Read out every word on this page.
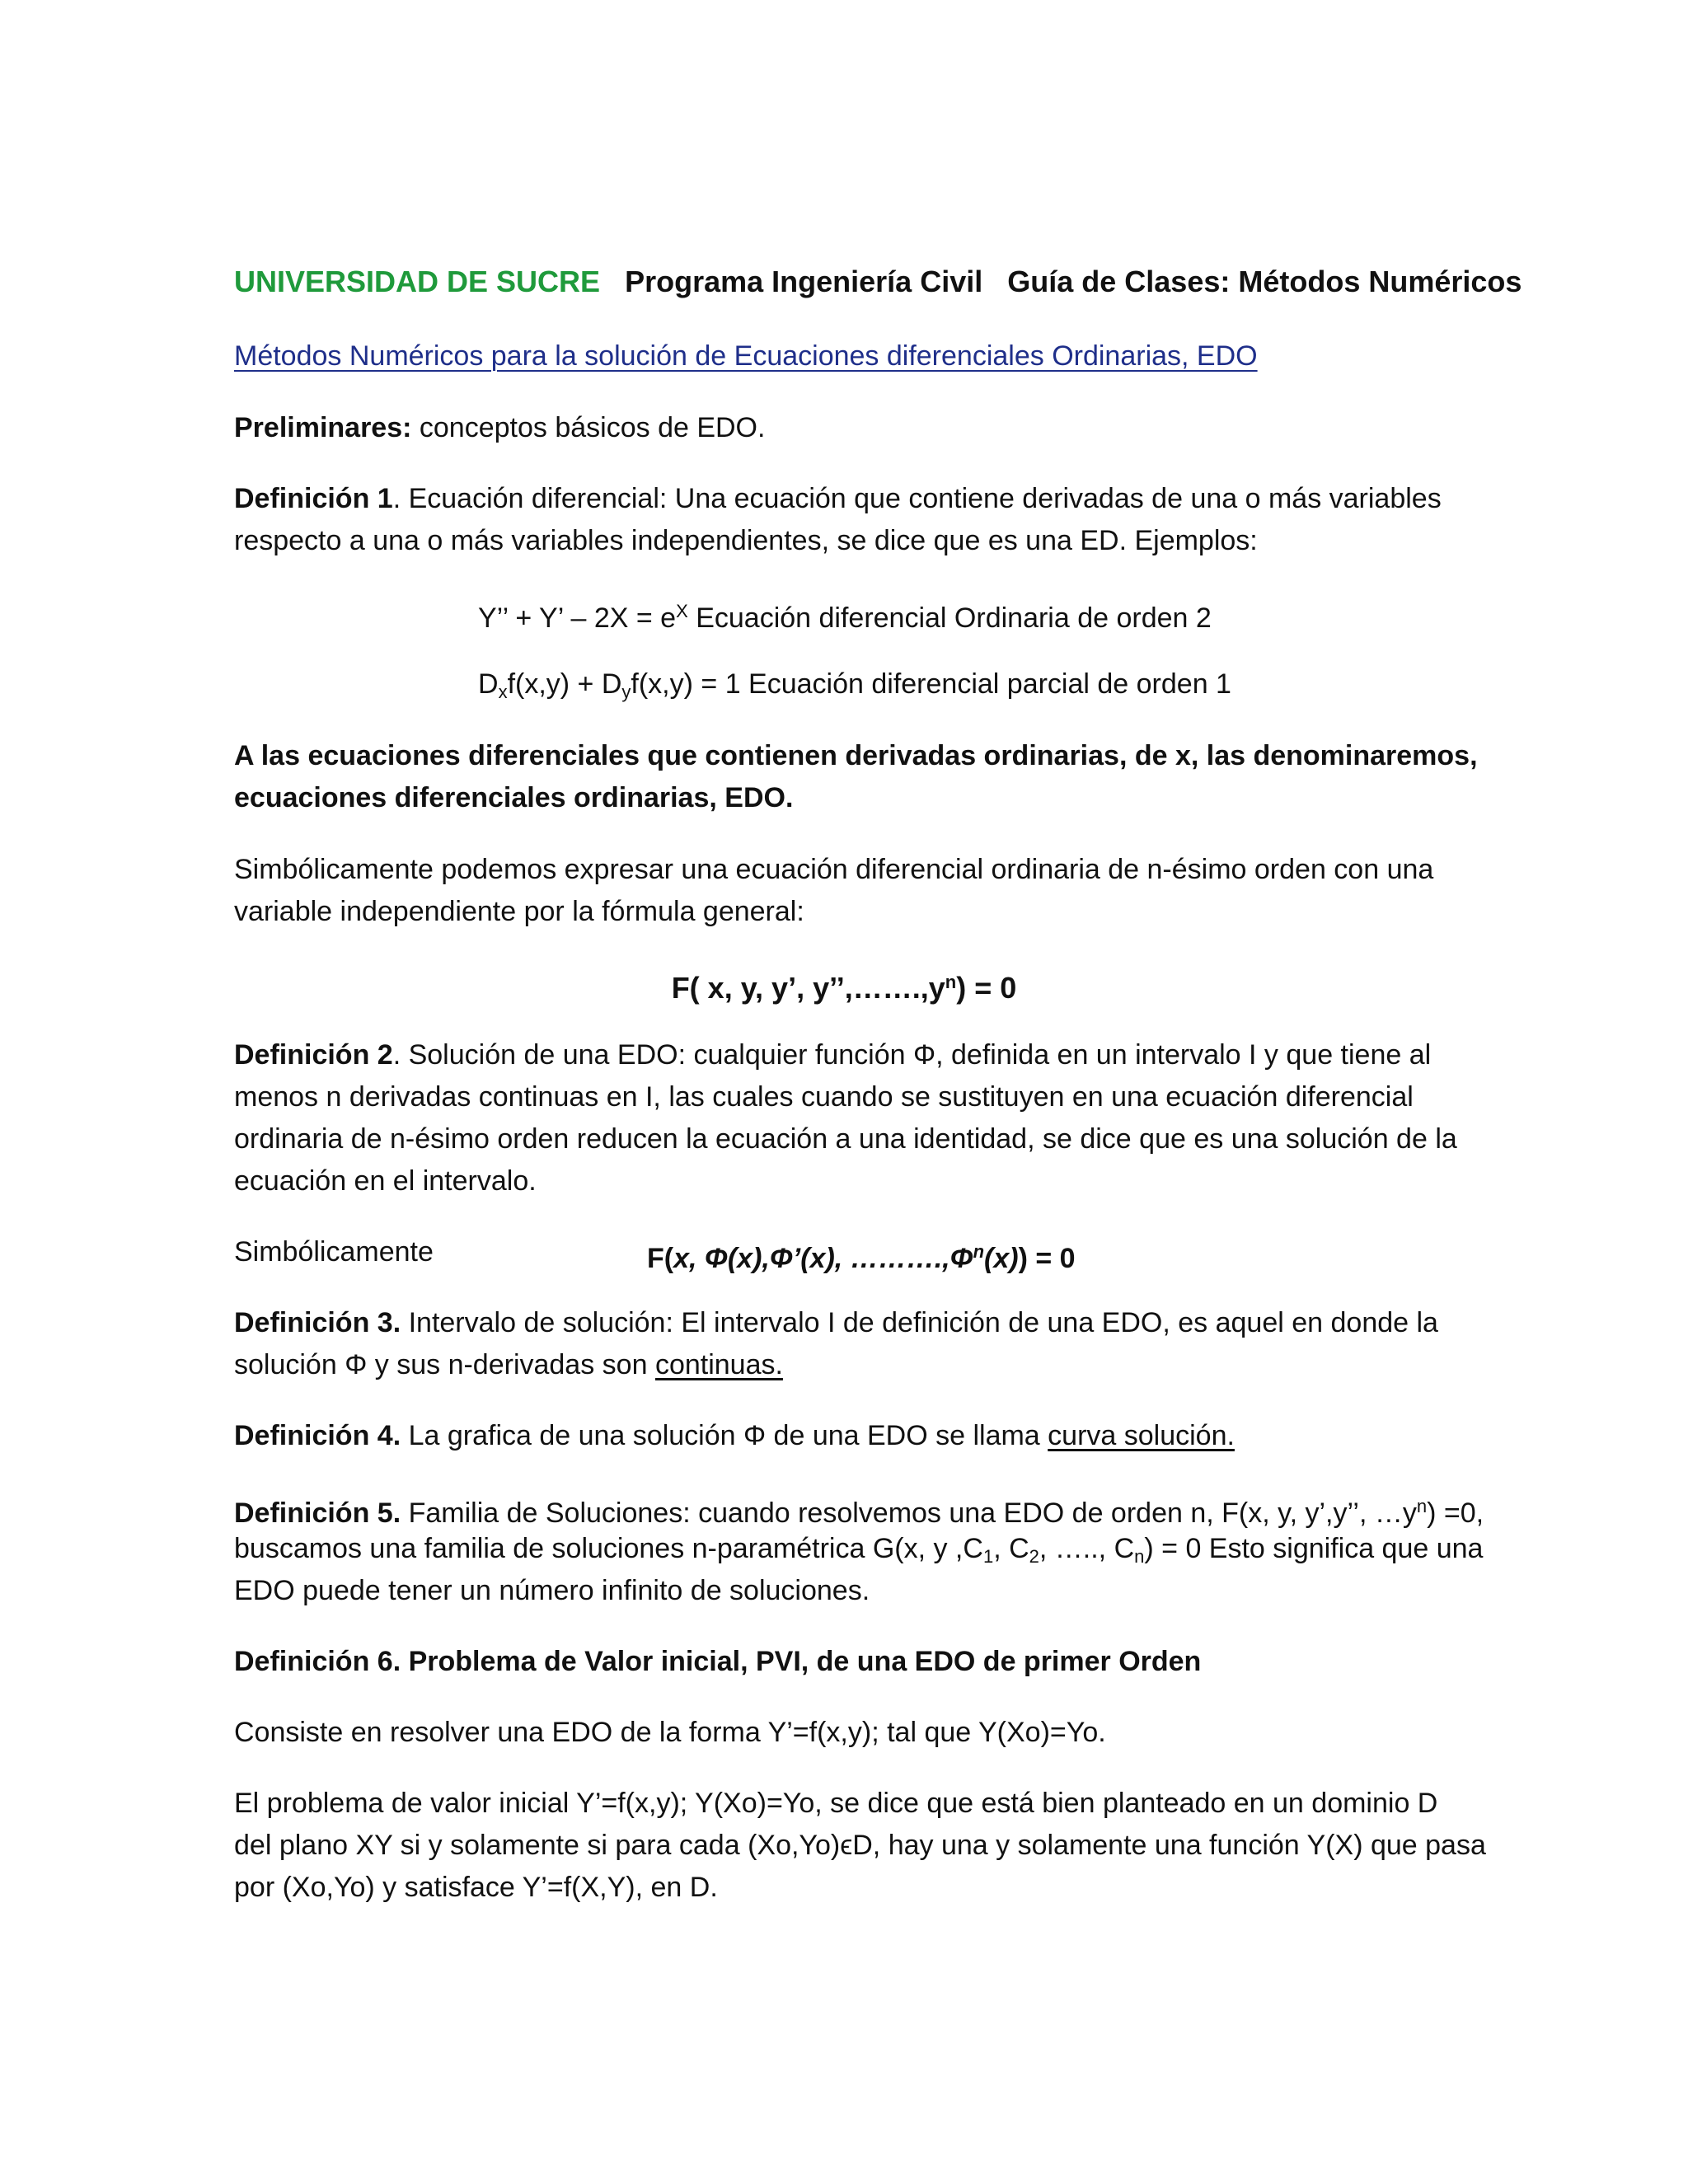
UNIVERSIDAD DE SUCRE Programa Ingeniería Civil Guía de Clases: Métodos Numéricos
Métodos Numéricos para la solución de Ecuaciones diferenciales Ordinarias, EDO
Preliminares: conceptos básicos de EDO.
Definición 1. Ecuación diferencial: Una ecuación que contiene derivadas de una o más variables
respecto a una o más variables independientes, se dice que es una ED. Ejemplos:
Y’’ + Y’ – $2X = e^X$ Ecuación diferencial Ordinaria de orden 2
$D_xf(x,y) + D_yf(x,y) = 1$ Ecuación diferencial parcial de orden 1
A las ecuaciones diferenciales que contienen derivadas ordinarias, de x, las denominaremos,
ecuaciones diferenciales ordinarias, EDO.
Simbólicamente podemos expresar una ecuación diferencial ordinaria de n-ésimo orden con una
variable independiente por la fórmula general:
F( x, y, y’, $y’’,\dots\dots.,y^n) = 0$
Definición 2. Solución de una EDO: cualquier función Φ, definida en un intervalo I y que tiene al
menos n derivadas continuas en I, las cuales cuando se sustituyen en una ecuación diferencial
ordinaria de n-ésimo orden reducen la ecuación a una identidad, se dice que es una solución de la
ecuación en el intervalo.
Simbólicamente	F(x, Φ(x),Φ’(x), $\dots\dots\dots.,\Phi^n(x)) = 0$
Definición 3. Intervalo de solución: El intervalo I de definición de una EDO, es aquel en donde la
solución Φ y sus n-derivadas son continuas.
Definición 4. La grafica de una solución Φ de una EDO se llama curva solución.
Definición 5. Familia de Soluciones: cuando resolvemos una EDO de orden n, F(x, y, y’,y’’, $\dots y^n) =0$,
buscamos una familia de soluciones n-paramétrica G(x, y $,C_1$, $C_2$, ….., $C_n) = 0$ Esto significa que una
EDO puede tener un número infinito de soluciones.
Definición 6. Problema de Valor inicial, PVI, de una EDO de primer Orden
Consiste en resolver una EDO de la forma Y’=f(x,y); tal que Y(Xo)=Yo.
El problema de valor inicial Y’=f(x,y); Y(Xo)=Yo, se dice que está bien planteado en un dominio D
del plano XY si y solamente si para cada (Xo,Yo)ϵD, hay una y solamente una función Y(X) que pasa
por (Xo,Yo) y satisface Y’=f(X,Y), en D.
